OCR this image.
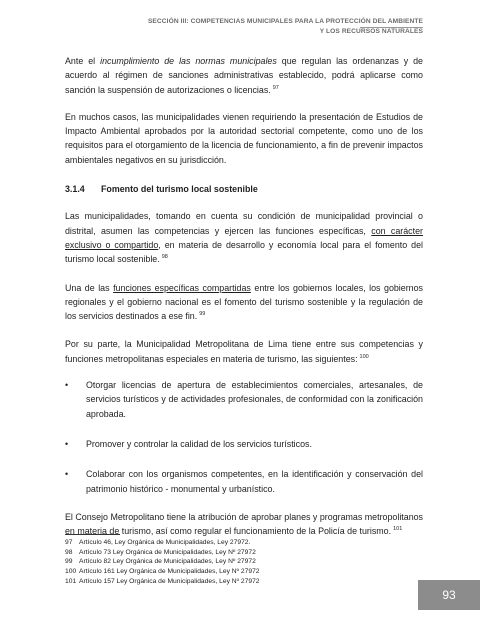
SECCIÓN III: COMPETENCIAS MUNICIPALES PARA LA PROTECCIÓN DEL AMBIENTE
Y LOS RECURSOS NATURALES

Ante el incumplimiento de las normas municipales que regulan las ordenanzas y de acuerdo al régimen de sanciones administrativas establecido, podrá aplicarse como sanción la suspensión de autorizaciones o licencias. $^{97}$

En muchos casos, las municipalidades vienen requiriendo la presentación de Estudios de Impacto Ambiental aprobados por la autoridad sectorial competente, como uno de los requisitos para el otorgamiento de la licencia de funcionamiento, a fin de prevenir impactos ambientales negativos en su jurisdicción.

3.1.4 Fomento del turismo local sostenible

Las municipalidades, tomando en cuenta su condición de municipalidad provincial o distrital, asumen las competencias y ejercen las funciones específicas, con carácter exclusivo o compartido, en materia de desarrollo y economía local para el fomento del turismo local sostenible. $^{98}$

Una de las funciones específicas compartidas entre los gobiernos locales, los gobiernos regionales y el gobierno nacional es el fomento del turismo sostenible y la regulación de los servicios destinados a ese fin. $^{99}$

Por su parte, la Municipalidad Metropolitana de Lima tiene entre sus competencias y funciones metropolitanas especiales en materia de turismo, las siguientes: $^{100}$

• Otorgar licencias de apertura de establecimientos comerciales, artesanales, de servicios turísticos y de actividades profesionales, de conformidad con la zonificación aprobada.
• Promover y controlar la calidad de los servicios turísticos.
• Colaborar con los organismos competentes, en la identificación y conservación del patrimonio histórico - monumental y urbanístico.

El Consejo Metropolitano tiene la atribución de aprobar planes y programas metropolitanos en materia de turismo, así como regular el funcionamiento de la Policía de turismo. $^{101}$

97 Artículo 46, Ley Orgánica de Municipalidades, Ley 27972.
98 Artículo 73 Ley Orgánica de Municipalidades, Ley Nº 27972
99 Artículo 82 Ley Orgánica de Municipalidades, Ley Nº 27972
100 Artículo 161 Ley Orgánica de Municipalidades, Ley Nº 27972
101 Artículo 157 Ley Orgánica de Municipalidades, Ley Nº 27972
93
